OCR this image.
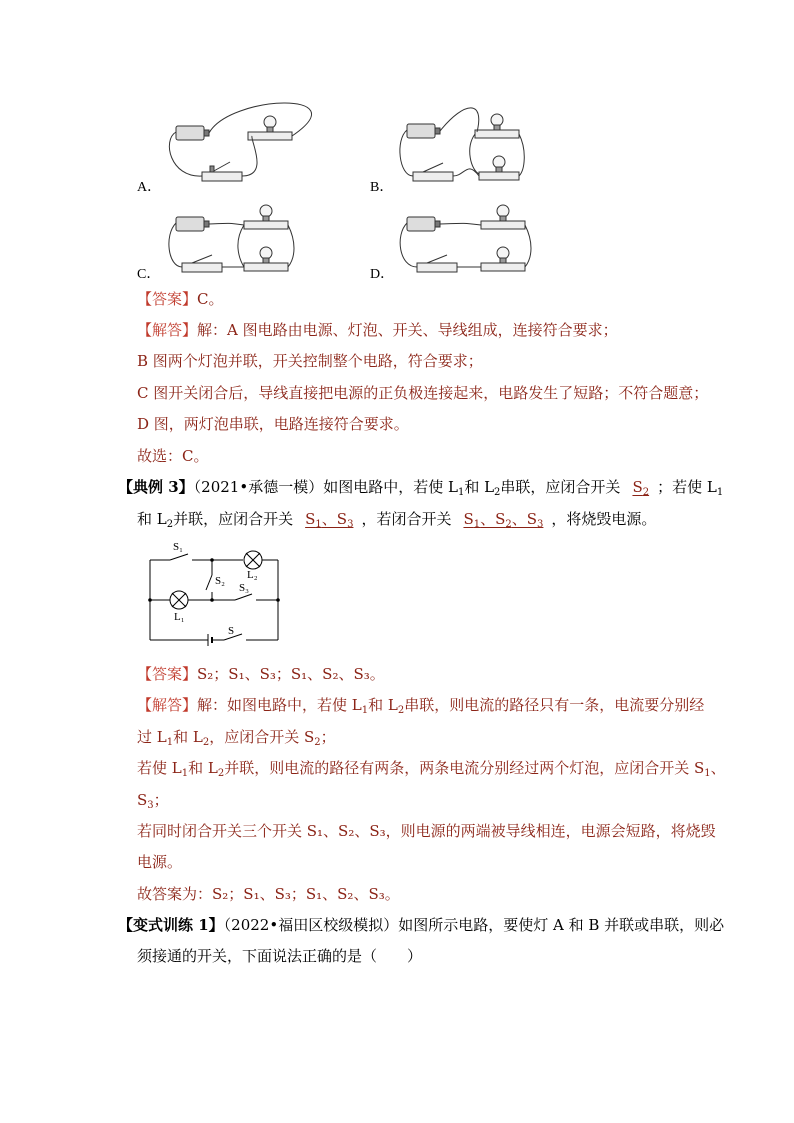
A．	B．
C．	D．
【答案】C。
【解答】解：A 图电路由电源、灯泡、开关、导线组成，连接符合要求；
B 图两个灯泡并联，开关控制整个电路，符合要求；
C 图开关闭合后，导线直接把电源的正负极连接起来，电路发生了短路；不符合题意；
D 图，两灯泡串联，电路连接符合要求。
故选：C。
【典例 3】（2021•承德一模）如图电路中，若使 $L_1$和 $L_2$串联，应闭合开关 $S_2$ ；若使 $L_1$
和 $L_2$并联，应闭合开关 $S_1$、$S_3$ ，若闭合开关 $S_1$、$S_2$、$S_3$ ，将烧毁电源。
S₁
S₂ L₂
S₃
L₁
S
【答案】S₂；S₁、S₃；S₁、S₂、S₃。
【解答】解：如图电路中，若使 $L_1$和 $L_2$串联，则电流的路径只有一条，电流要分别经
过 $L_1$和 $L_2$，应闭合开关 $S_2$；
若使 $L_1$和 $L_2$并联，则电流的路径有两条，两条电流分别经过两个灯泡，应闭合开关 $S_1$、
$S_3$；
若同时闭合开关三个开关 S₁、S₂、S₃，则电源的两端被导线相连，电源会短路，将烧毁
电源。
故答案为：S₂；S₁、S₃；S₁、S₂、S₃。
【变式训练 1】（2022•福田区校级模拟）如图所示电路，要使灯 A 和 B 并联或串联，则必
须接通的开关，下面说法正确的是（　　）
